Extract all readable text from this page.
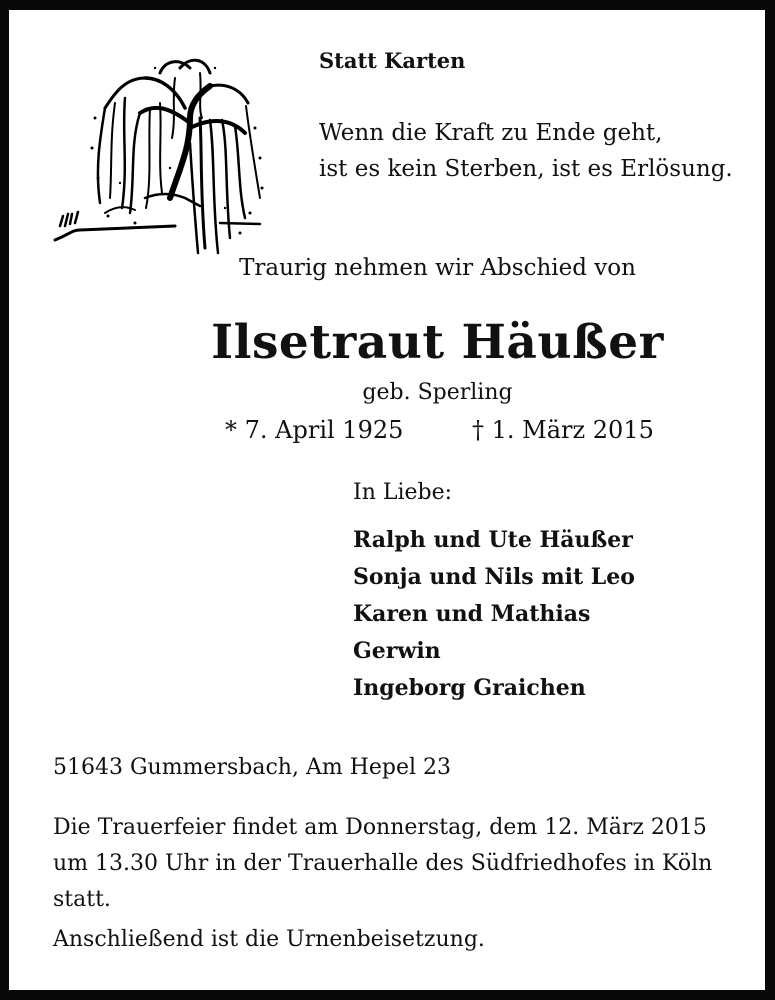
Statt Karten
Wenn die Kraft zu Ende geht,
ist es kein Sterben, ist es Erlösung.
Traurig nehmen wir Abschied von
Ilsetraut Häußer
geb. Sperling
* 7. April 1925	† 1. März 2015
In Liebe:
Ralph und Ute Häußer
Sonja und Nils mit Leo
Karen und Mathias
Gerwin
Ingeborg Graichen
51643 Gummersbach, Am Hepel 23
Die Trauerfeier findet am Donnerstag, dem 12. März 2015
um 13.30 Uhr in der Trauerhalle des Südfriedhofes in Köln
statt.
Anschließend ist die Urnenbeisetzung.
